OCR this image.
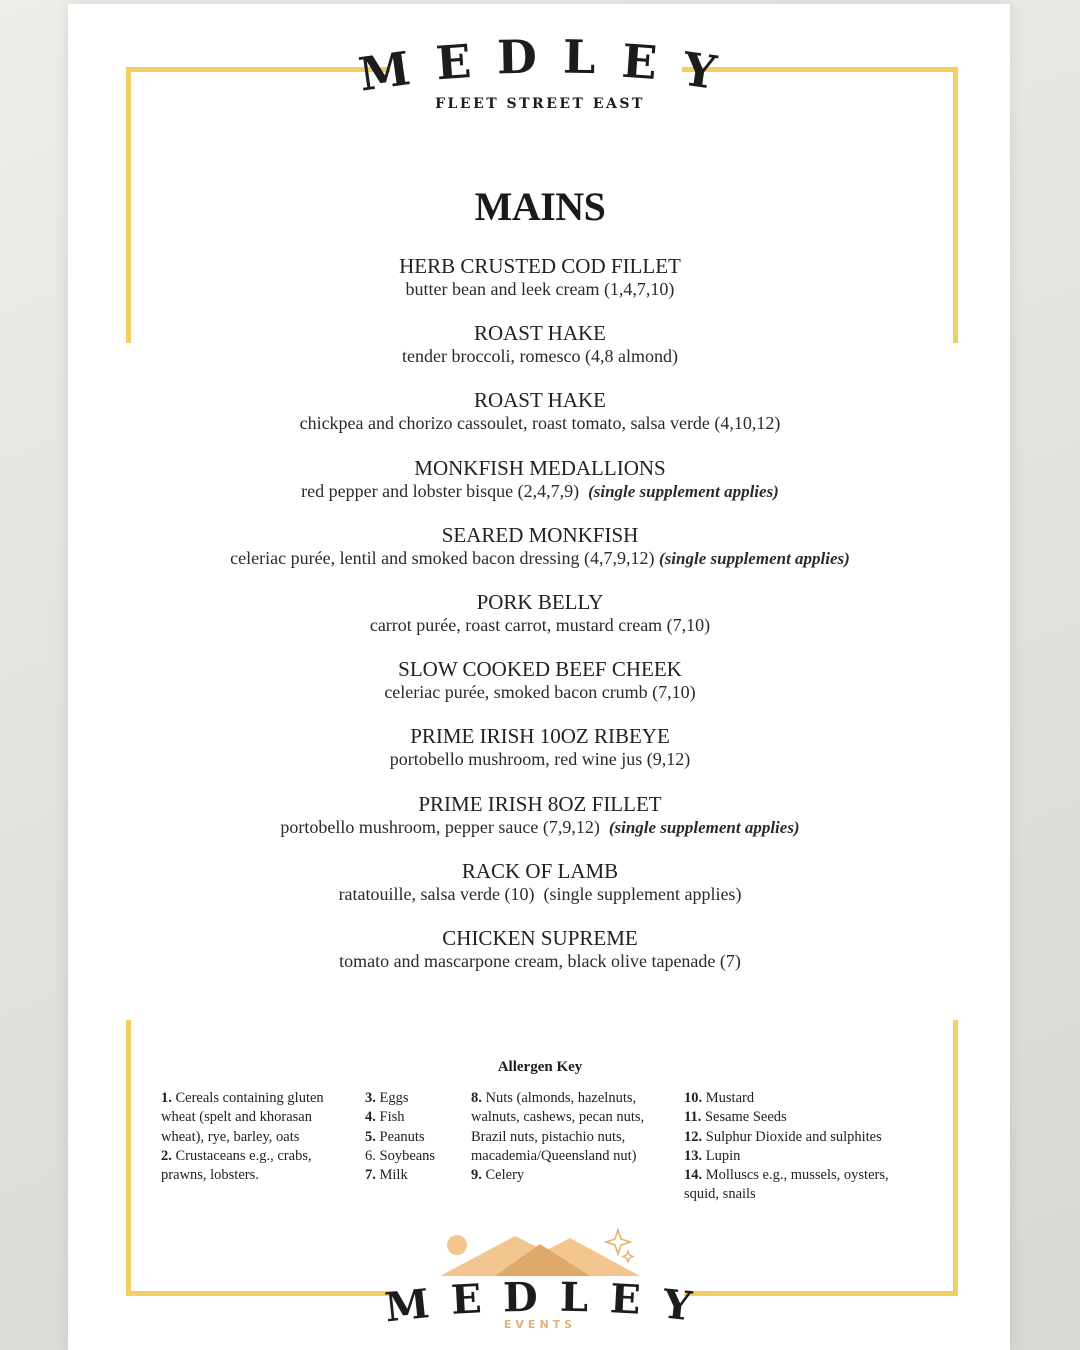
M E D L E Y
FLEET STREET EAST
MAINS
HERB CRUSTED COD FILLET
butter bean and leek cream (1,4,7,10)
ROAST HAKE
tender broccoli, romesco (4,8 almond)
ROAST HAKE
chickpea and chorizo cassoulet, roast tomato, salsa verde (4,10,12)
MONKFISH MEDALLIONS
red pepper and lobster bisque (2,4,7,9) (single supplement applies)
SEARED MONKFISH
celeriac purée, lentil and smoked bacon dressing (4,7,9,12) (single supplement applies)
PORK BELLY
carrot purée, roast carrot, mustard cream (7,10)
SLOW COOKED BEEF CHEEK
celeriac purée, smoked bacon crumb (7,10)
PRIME IRISH 10OZ RIBEYE
portobello mushroom, red wine jus (9,12)
PRIME IRISH 8OZ FILLET
portobello mushroom, pepper sauce (7,9,12) (single supplement applies)
RACK OF LAMB
ratatouille, salsa verde (10)  (single supplement applies)
CHICKEN SUPREME
tomato and mascarpone cream, black olive tapenade (7)
Allergen Key
1. Cereals containing gluten
wheat (spelt and khorasan
wheat), rye, barley, oats
2. Crustaceans e.g., crabs,
prawns, lobsters.
3. Eggs
4. Fish
5. Peanuts
6. Soybeans
7. Milk
8. Nuts (almonds, hazelnuts,
walnuts, cashews, pecan nuts,
Brazil nuts, pistachio nuts,
macademia/Queensland nut)
9. Celery
10. Mustard
11. Sesame Seeds
12. Sulphur Dioxide and sulphites
13. Lupin
14. Molluscs e.g., mussels, oysters,
squid, snails
M E D L E Y
EVENTS
